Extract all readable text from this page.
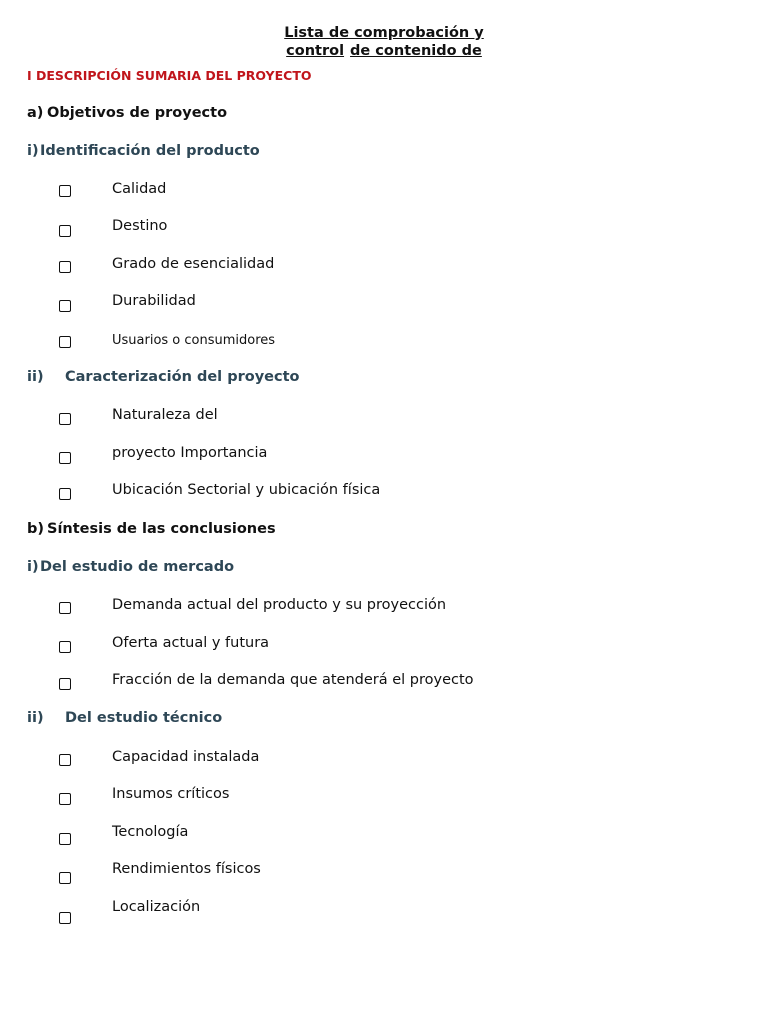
Lista de comprobación y
control de contenido de
I DESCRIPCIÓN SUMARIA DEL PROYECTO
a) Objetivos de proyecto
i)Identificación del producto
Calidad
Destino
Grado de esencialidad
Durabilidad
Usuarios o consumidores
ii) Caracterización del proyecto
Naturaleza del
proyecto Importancia
Ubicación Sectorial y ubicación física
b) Síntesis de las conclusiones
i)Del estudio de mercado
Demanda actual del producto y su proyección
Oferta actual y futura
Fracción de la demanda que atenderá el proyecto
ii) Del estudio técnico
Capacidad instalada
Insumos críticos
Tecnología
Rendimientos físicos
Localización
